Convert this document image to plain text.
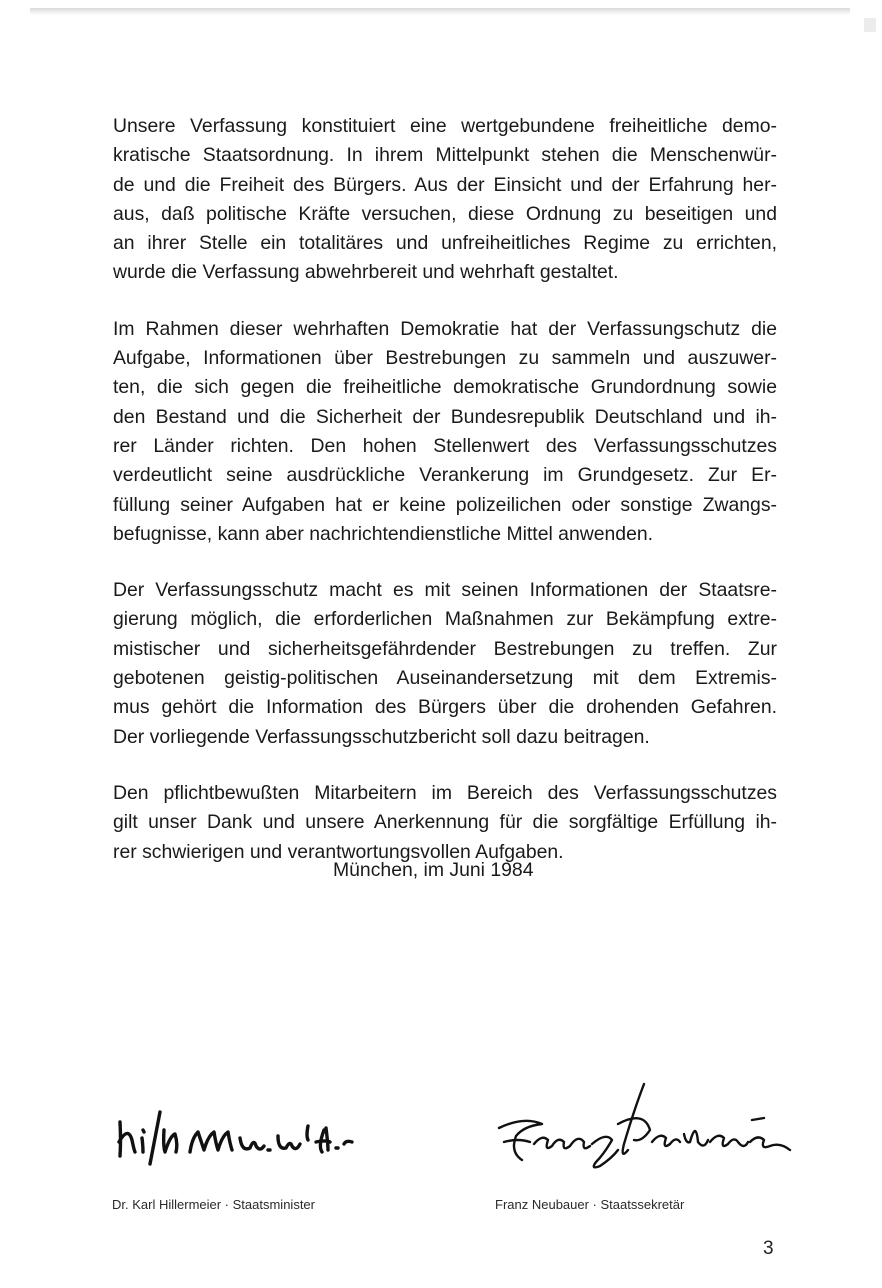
Unsere Verfassung konstituiert eine wertgebundene freiheitliche demo-
kratische Staatsordnung. In ihrem Mittelpunkt stehen die Menschenwür-
de und die Freiheit des Bürgers. Aus der Einsicht und der Erfahrung her-
aus, daß politische Kräfte versuchen, diese Ordnung zu beseitigen und
an ihrer Stelle ein totalitäres und unfreiheitliches Regime zu errichten,
wurde die Verfassung abwehrbereit und wehrhaft gestaltet.

Im Rahmen dieser wehrhaften Demokratie hat der Verfassungschutz die
Aufgabe, Informationen über Bestrebungen zu sammeln und auszuwer-
ten, die sich gegen die freiheitliche demokratische Grundordnung sowie
den Bestand und die Sicherheit der Bundesrepublik Deutschland und ih-
rer Länder richten. Den hohen Stellenwert des Verfassungsschutzes
verdeutlicht seine ausdrückliche Verankerung im Grundgesetz. Zur Er-
füllung seiner Aufgaben hat er keine polizeilichen oder sonstige Zwangs-
befugnisse, kann aber nachrichtendienstliche Mittel anwenden.

Der Verfassungsschutz macht es mit seinen Informationen der Staatsre-
gierung möglich, die erforderlichen Maßnahmen zur Bekämpfung extre-
mistischer und sicherheitsgefährdender Bestrebungen zu treffen. Zur
gebotenen geistig-politischen Auseinandersetzung mit dem Extremis-
mus gehört die Information des Bürgers über die drohenden Gefahren.
Der vorliegende Verfassungsschutzbericht soll dazu beitragen.

Den pflichtbewußten Mitarbeitern im Bereich des Verfassungsschutzes
gilt unser Dank und unsere Anerkennung für die sorgfältige Erfüllung ih-
rer schwierigen und verantwortungsvollen Aufgaben.

München, im Juni 1984
Dr. Karl Hillermeier · Staatsminister	Franz Neubauer · Staatssekretär
3
